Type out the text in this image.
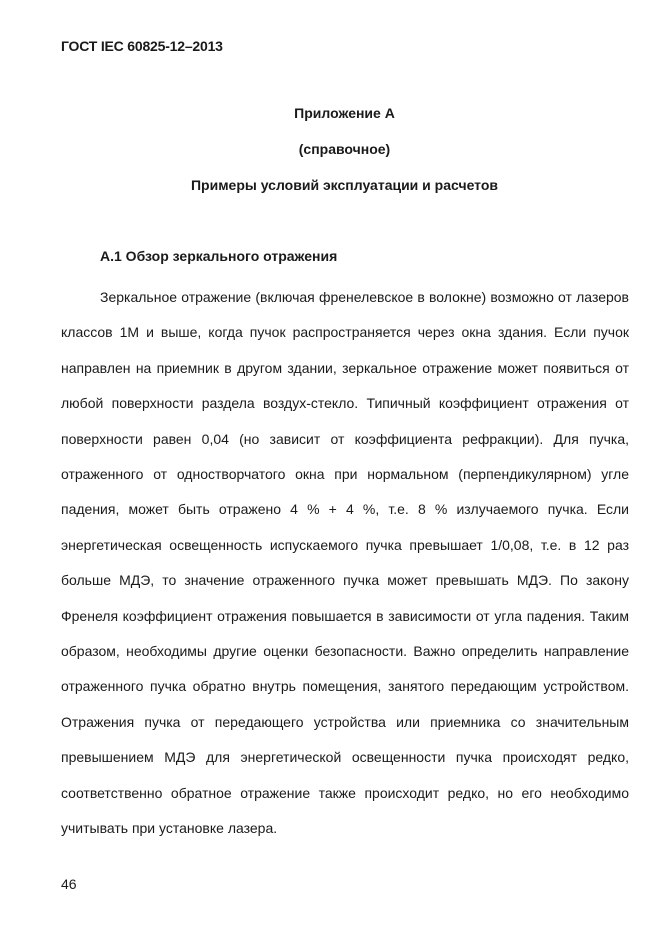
ГОСТ IEC 60825-12–2013
Приложение А
(справочное)
Примеры условий эксплуатации и расчетов
А.1 Обзор зеркального отражения

Зеркальное отражение (включая френелевское в волокне) возможно от лазеров классов 1М и выше, когда пучок распространяется через окна здания. Если пучок направлен на приемник в другом здании, зеркальное отражение может появиться от любой поверхности раздела воздух-стекло. Типичный коэффициент отражения от поверхности равен 0,04 (но зависит от коэффициента рефракции). Для пучка, отраженного от одностворчатого окна при нормальном (перпендикулярном) угле падения, может быть отражено 4 % + 4 %, т.е. 8 % излучаемого пучка. Если энергетическая освещенность испускаемого пучка превышает 1/0,08, т.е. в 12 раз больше МДЭ, то значение отраженного пучка может превышать МДЭ. По закону Френеля коэффициент отражения повышается в зависимости от угла падения. Таким образом, необходимы другие оценки безопасности. Важно определить направление отраженного пучка обратно внутрь помещения, занятого передающим устройством. Отражения пучка от передающего устройства или приемника со значительным превышением МДЭ для энергетической освещенности пучка происходят редко, соответственно обратное отражение также происходит редко, но его необходимо учитывать при установке лазера.

46
